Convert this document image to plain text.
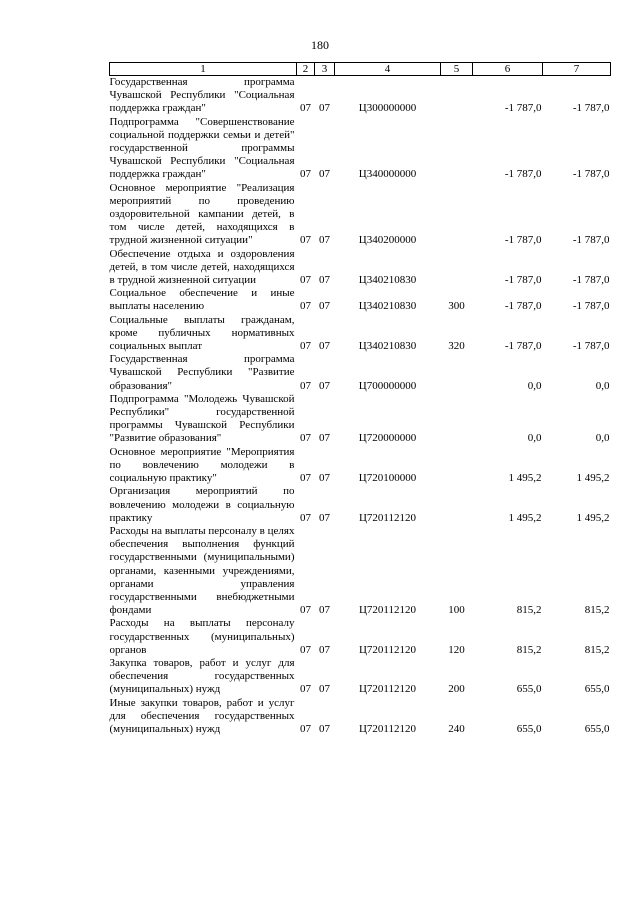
180
1	2	3	4	5	6	7
Государственная программа Чувашской Республики "Социальная поддержка граждан"	07	07	Ц300000000		-1 787,0	-1 787,0
Подпрограмма "Совершенствование социальной поддержки семьи и детей" государственной программы Чувашской Республики "Социальная поддержка граждан"	07	07	Ц340000000		-1 787,0	-1 787,0
Основное мероприятие "Реализация мероприятий по проведению оздоровительной кампании детей, в том числе детей, находящихся в трудной жизненной ситуации"	07	07	Ц340200000		-1 787,0	-1 787,0
Обеспечение отдыха и оздоровления детей, в том числе детей, находящихся в трудной жизненной ситуации	07	07	Ц340210830		-1 787,0	-1 787,0
Социальное обеспечение и иные выплаты населению	07	07	Ц340210830	300	-1 787,0	-1 787,0
Социальные выплаты гражданам, кроме публичных нормативных социальных выплат	07	07	Ц340210830	320	-1 787,0	-1 787,0
Государственная программа Чувашской Республики "Развитие образования"	07	07	Ц700000000		0,0	0,0
Подпрограмма "Молодежь Чувашской Республики" государственной программы Чувашской Республики "Развитие образования"	07	07	Ц720000000		0,0	0,0
Основное мероприятие "Мероприятия по вовлечению молодежи в социальную практику"	07	07	Ц720100000		1 495,2	1 495,2
Организация мероприятий по вовлечению молодежи в социальную практику	07	07	Ц720112120		1 495,2	1 495,2
Расходы на выплаты персоналу в целях обеспечения выполнения функций государственными (муниципальными) органами, казенными учреждениями, органами управления государственными внебюджетными фондами	07	07	Ц720112120	100	815,2	815,2
Расходы на выплаты персоналу государственных (муниципальных) органов	07	07	Ц720112120	120	815,2	815,2
Закупка товаров, работ и услуг для обеспечения государственных (муниципальных) нужд	07	07	Ц720112120	200	655,0	655,0
Иные закупки товаров, работ и услуг для обеспечения государственных (муниципальных) нужд	07	07	Ц720112120	240	655,0	655,0
